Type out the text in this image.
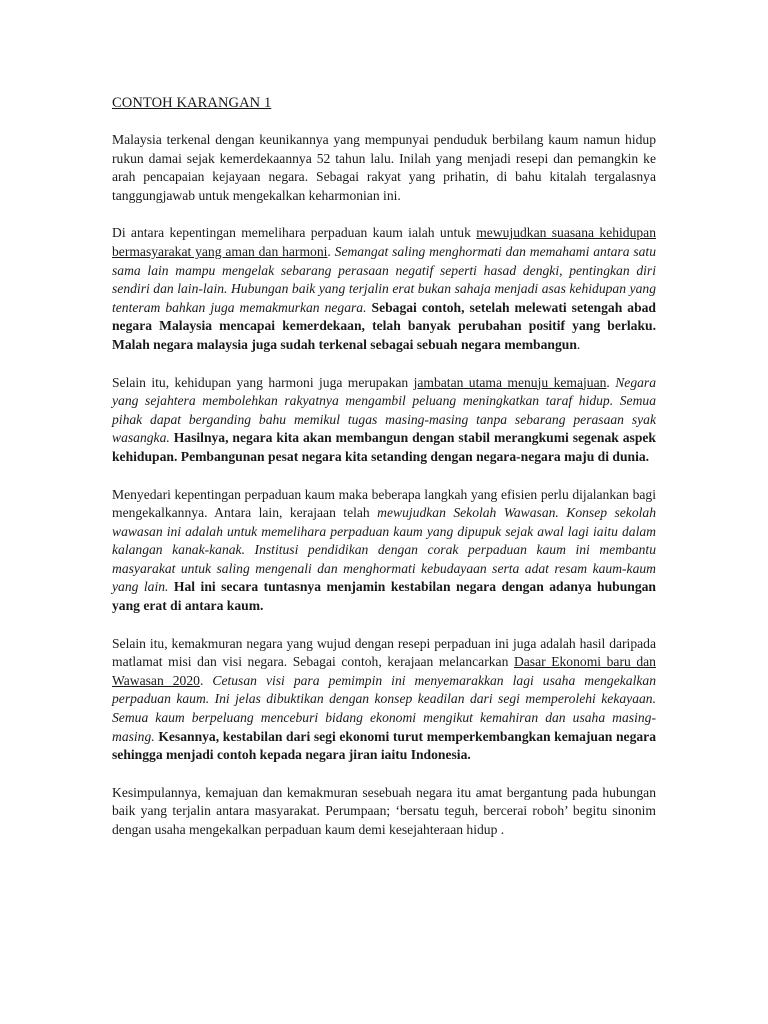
CONTOH KARANGAN 1
Malaysia terkenal dengan keunikannya yang mempunyai penduduk berbilang kaum namun hidup rukun damai sejak kemerdekaannya 52 tahun lalu. Inilah yang menjadi resepi dan pemangkin ke arah pencapaian kejayaan negara. Sebagai rakyat yang prihatin, di bahu kitalah tergalasnya tanggungjawab untuk mengekalkan keharmonian ini.
Di antara kepentingan memelihara perpaduan kaum ialah untuk mewujudkan suasana kehidupan bermasyarakat yang aman dan harmoni. Semangat saling menghormati dan memahami antara satu sama lain mampu mengelak sebarang perasaan negatif seperti hasad dengki, pentingkan diri sendiri dan lain-lain. Hubungan baik yang terjalin erat bukan sahaja menjadi asas kehidupan yang tenteram bahkan juga memakmurkan negara. Sebagai contoh, setelah melewati setengah abad negara Malaysia mencapai kemerdekaan, telah banyak perubahan positif yang berlaku. Malah negara malaysia juga sudah terkenal sebagai sebuah negara membangun.
Selain itu, kehidupan yang harmoni juga merupakan jambatan utama menuju kemajuan. Negara yang sejahtera membolehkan rakyatnya mengambil peluang meningkatkan taraf hidup. Semua pihak dapat berganding bahu memikul tugas masing-masing tanpa sebarang perasaan syak wasangka. Hasilnya, negara kita akan membangun dengan stabil merangkumi segenak aspek kehidupan. Pembangunan pesat negara kita setanding dengan negara-negara maju di dunia.
Menyedari kepentingan perpaduan kaum maka beberapa langkah yang efisien perlu dijalankan bagi mengekalkannya. Antara lain, kerajaan telah mewujudkan Sekolah Wawasan. Konsep sekolah wawasan ini adalah untuk memelihara perpaduan kaum yang dipupuk sejak awal lagi iaitu dalam kalangan kanak-kanak. Institusi pendidikan dengan corak perpaduan kaum ini membantu masyarakat untuk saling mengenali dan menghormati kebudayaan serta adat resam kaum-kaum yang lain. Hal ini secara tuntasnya menjamin kestabilan negara dengan adanya hubungan yang erat di antara kaum.
Selain itu, kemakmuran negara yang wujud dengan resepi perpaduan ini juga adalah hasil daripada matlamat misi dan visi negara. Sebagai contoh, kerajaan melancarkan Dasar Ekonomi baru dan Wawasan 2020. Cetusan visi para pemimpin ini menyemarakkan lagi usaha mengekalkan perpaduan kaum. Ini jelas dibuktikan dengan konsep keadilan dari segi memperolehi kekayaan. Semua kaum berpeluang menceburi bidang ekonomi mengikut kemahiran dan usaha masing-masing. Kesannya, kestabilan dari segi ekonomi turut memperkembangkan kemajuan negara sehingga menjadi contoh kepada negara jiran iaitu Indonesia.
Kesimpulannya, kemajuan dan kemakmuran sesebuah negara itu amat bergantung pada hubungan baik yang terjalin antara masyarakat. Perumpaan; ‘bersatu teguh, bercerai roboh’ begitu sinonim dengan usaha mengekalkan perpaduan kaum demi kesejahteraan hidup .
